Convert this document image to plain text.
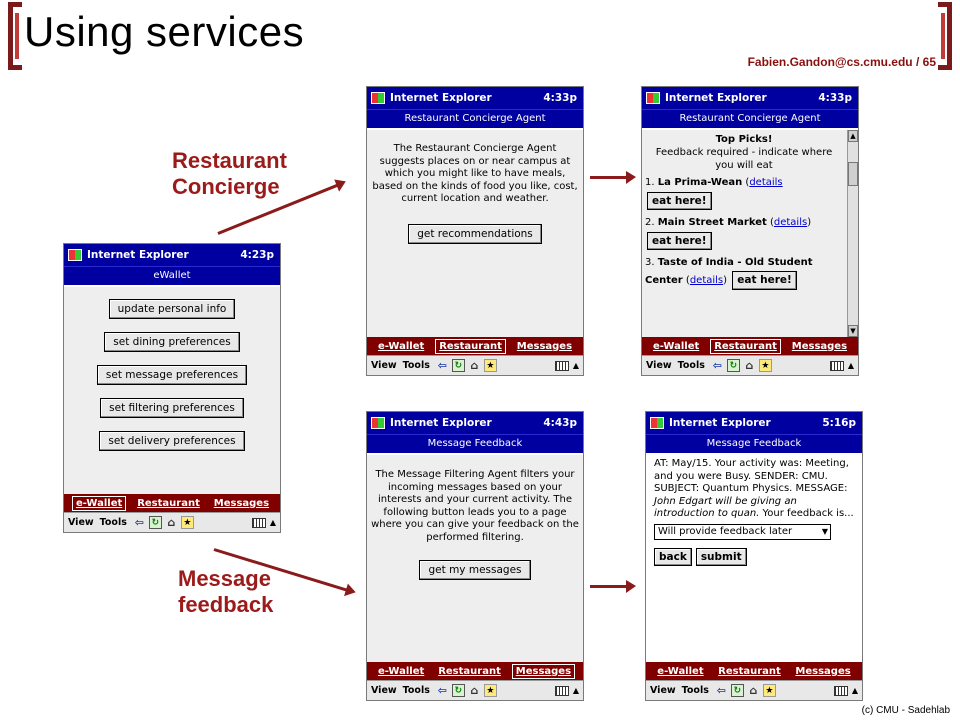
Using services
Fabien.Gandon@cs.cmu.edu / 65
(c) CMU - Sadehlab
Restaurant
Concierge
Message
feedback
Internet Explorer	4:23p
eWallet
update personal info
set dining preferences
set message preferences
set filtering preferences
set delivery preferences
e-Wallet	Restaurant	Messages
View Tools ⇦ ↻ ⌂ ★	▲
Internet Explorer	4:33p
Restaurant Concierge Agent

The Restaurant Concierge Agent suggests places on or near campus at which you might like to have meals, based on the kinds of food you like, cost, current location and weather.

get recommendations
e-Wallet	Restaurant	Messages
View Tools ⇦ ↻ ⌂ ★	▲
Internet Explorer	4:33p
Restaurant Concierge Agent
Top Picks!
Feedback required - indicate where you will eat
1. La Prima-Wean (details
eat here!
2. Main Street Market (details)
eat here!
3. Taste of India - Old Student Center (details) eat here!
▲
▼
e-Wallet	Restaurant	Messages
View Tools ⇦ ↻ ⌂ ★	▲
Internet Explorer	4:43p
Message Feedback

The Message Filtering Agent filters your incoming messages based on your interests and your current activity. The following button leads you to a page where you can give your feedback on the performed filtering.

get my messages
e-Wallet	Restaurant	Messages
View Tools ⇦ ↻ ⌂ ★	▲
Internet Explorer	5:16p
Message Feedback

AT: May/15. Your activity was: Meeting, and you were Busy. SENDER: CMU. SUBJECT: Quantum Physics. MESSAGE: John Edgart will be giving an introduction to quan. Your feedback is...

Will provide feedback later	▼
back	submit
e-Wallet	Restaurant	Messages
View Tools ⇦ ↻ ⌂ ★	▲
